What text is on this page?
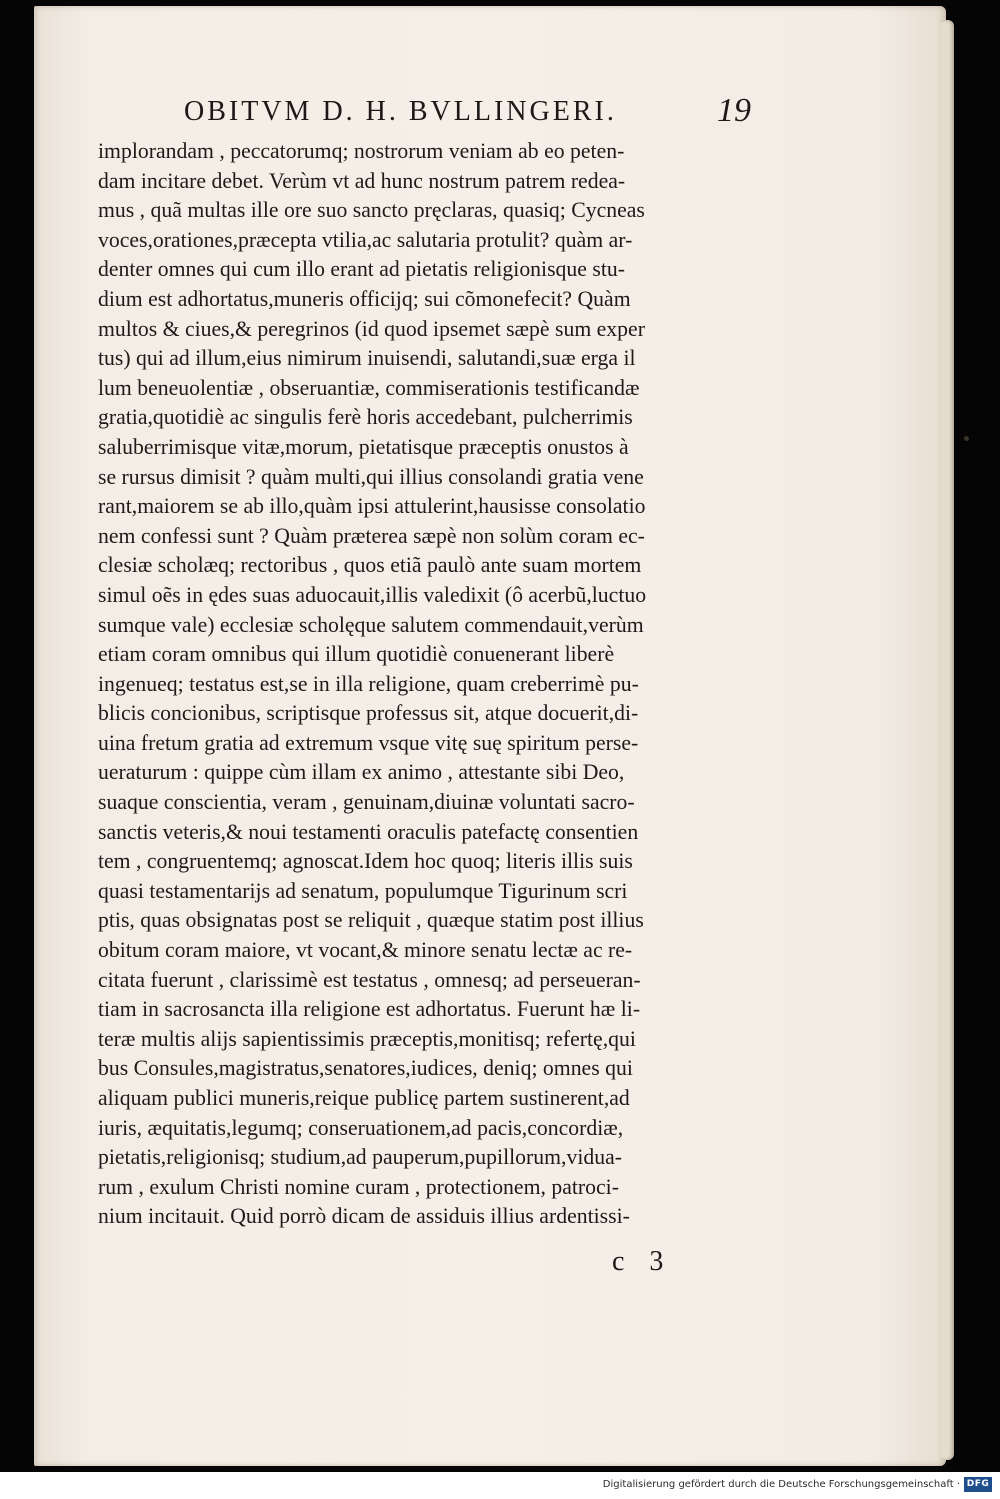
OBITVM D. H. BVLLINGERI.	19
implorandam , peccatorumq; nostrorum veniam ab eo peten-
dam incitare debet. Verùm vt ad hunc nostrum patrem redea-
mus , quã multas ille ore suo sancto pręclaras, quasiq; Cycneas
voces,orationes,præcepta vtilia,ac salutaria protulit? quàm ar-
denter omnes qui cum illo erant ad pietatis religionisque stu-
dium est adhortatus,muneris officijq; sui cõmonefecit? Quàm
multos & ciues,& peregrinos (id quod ipsemet sæpè sum exper
tus) qui ad illum,eius nimirum inuisendi, salutandi,suæ erga il
lum beneuolentiæ , obseruantiæ, commiserationis testificandæ
gratia,quotidiè ac singulis ferè horis accedebant, pulcherrimis
saluberrimisque vitæ,morum, pietatisque præceptis onustos à
se rursus dimisit ? quàm multi,qui illius consolandi gratia vene
rant,maiorem se ab illo,quàm ipsi attulerint,hausisse consolatio
nem confessi sunt ? Quàm præterea sæpè non solùm coram ec-
clesiæ scholæq; rectoribus , quos etiã paulò ante suam mortem
simul oẽs in ędes suas aduocauit,illis valedixit (ô acerbũ,luctuo
sumque vale) ecclesiæ scholęque salutem commendauit,verùm
etiam coram omnibus qui illum quotidiè conuenerant liberè
ingenueq; testatus est,se in illa religione, quam creberrimè pu-
blicis concionibus, scriptisque professus sit, atque docuerit,di-
uina fretum gratia ad extremum vsque vitę suę spiritum perse-
ueraturum : quippe cùm illam ex animo , attestante sibi Deo,
suaque conscientia, veram , genuinam,diuinæ voluntati sacro-
sanctis veteris,& noui testamenti oraculis patefactę consentien
tem , congruentemq; agnoscat.Idem hoc quoq; literis illis suis
quasi testamentarijs ad senatum, populumque Tigurinum scri
ptis, quas obsignatas post se reliquit , quæque statim post illius
obitum coram maiore, vt vocant,& minore senatu lectæ ac re-
citata fuerunt , clarissimè est testatus , omnesq; ad perseueran-
tiam in sacrosancta illa religione est adhortatus. Fuerunt hæ li-
teræ multis alijs sapientissimis præceptis,monitisq; refertę,qui
bus Consules,magistratus,senatores,iudices, deniq; omnes qui
aliquam publici muneris,reique publicę partem sustinerent,ad
iuris, æquitatis,legumq; conseruationem,ad pacis,concordiæ,
pietatis,religionisq; studium,ad pauperum,pupillorum,vidua-
rum , exulum Christi nomine curam , protectionem, patroci-
nium incitauit. Quid porrò dicam de assiduis illius ardentissi-
c 3
Digitalisierung gefördert durch die Deutsche Forschungsgemeinschaft · DFG
